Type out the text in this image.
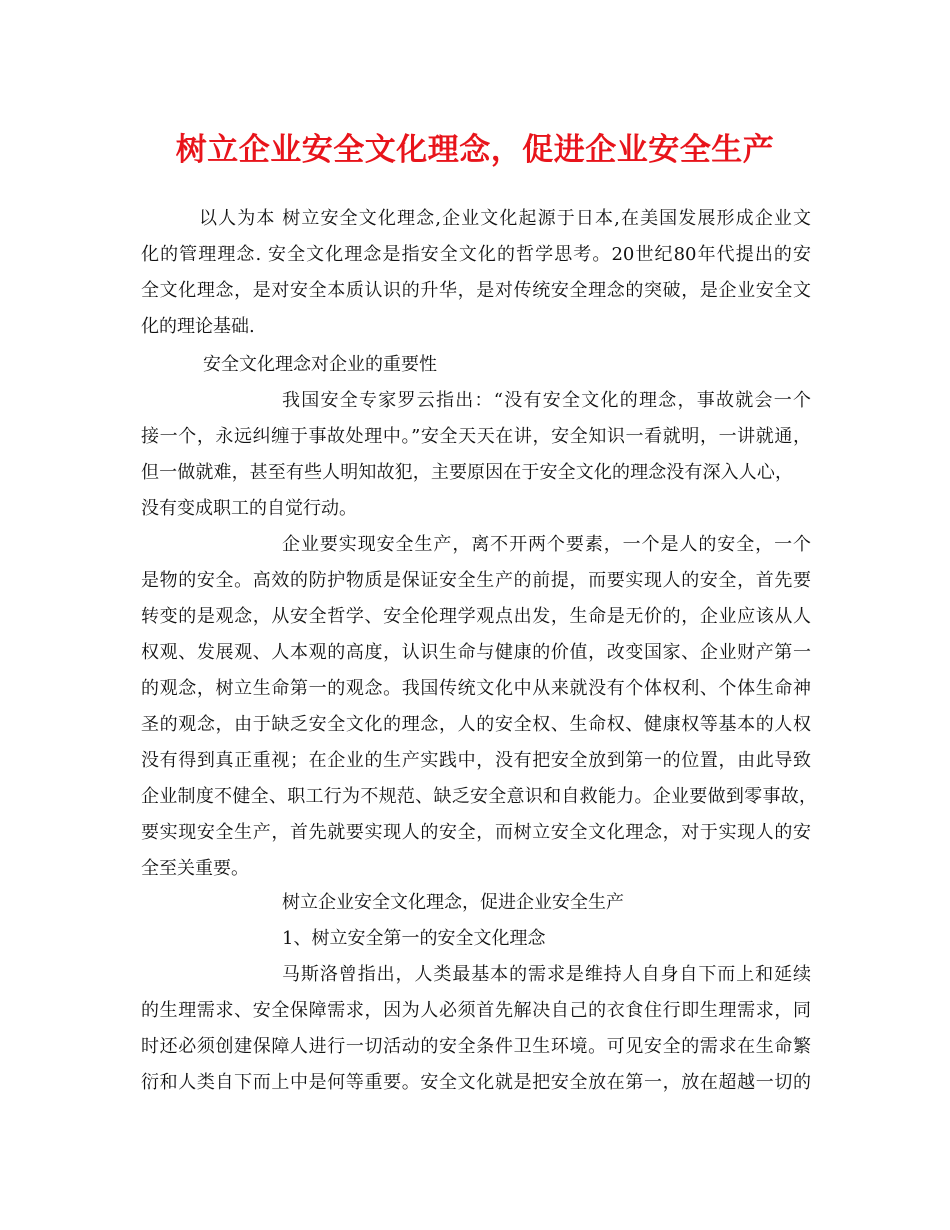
树立企业安全文化理念，促进企业安全生产
以人为本 树立安全文化理念,企业文化起源于日本,在美国发展形成企业文
化的管理理念. 安全文化理念是指安全文化的哲学思考。20世纪80年代提出的安
全文化理念，是对安全本质认识的升华，是对传统安全理念的突破，是企业安全文
化的理论基础.
安全文化理念对企业的重要性
我国安全专家罗云指出：“没有安全文化的理念，事故就会一个
接一个，永远纠缠于事故处理中。”安全天天在讲，安全知识一看就明，一讲就通，
但一做就难，甚至有些人明知故犯，主要原因在于安全文化的理念没有深入人心，
没有变成职工的自觉行动。
企业要实现安全生产，离不开两个要素，一个是人的安全，一个
是物的安全。高效的防护物质是保证安全生产的前提，而要实现人的安全，首先要
转变的是观念，从安全哲学、安全伦理学观点出发，生命是无价的，企业应该从人
权观、发展观、人本观的高度，认识生命与健康的价值，改变国家、企业财产第一
的观念，树立生命第一的观念。我国传统文化中从来就没有个体权利、个体生命神
圣的观念，由于缺乏安全文化的理念，人的安全权、生命权、健康权等基本的人权
没有得到真正重视；在企业的生产实践中，没有把安全放到第一的位置，由此导致
企业制度不健全、职工行为不规范、缺乏安全意识和自救能力。企业要做到零事故，
要实现安全生产，首先就要实现人的安全，而树立安全文化理念，对于实现人的安
全至关重要。
树立企业安全文化理念，促进企业安全生产
1、树立安全第一的安全文化理念
马斯洛曾指出，人类最基本的需求是维持人自身自下而上和延续
的生理需求、安全保障需求，因为人必须首先解决自己的衣食住行即生理需求，同
时还必须创建保障人进行一切活动的安全条件卫生环境。可见安全的需求在生命繁
衍和人类自下而上中是何等重要。安全文化就是把安全放在第一，放在超越一切的
